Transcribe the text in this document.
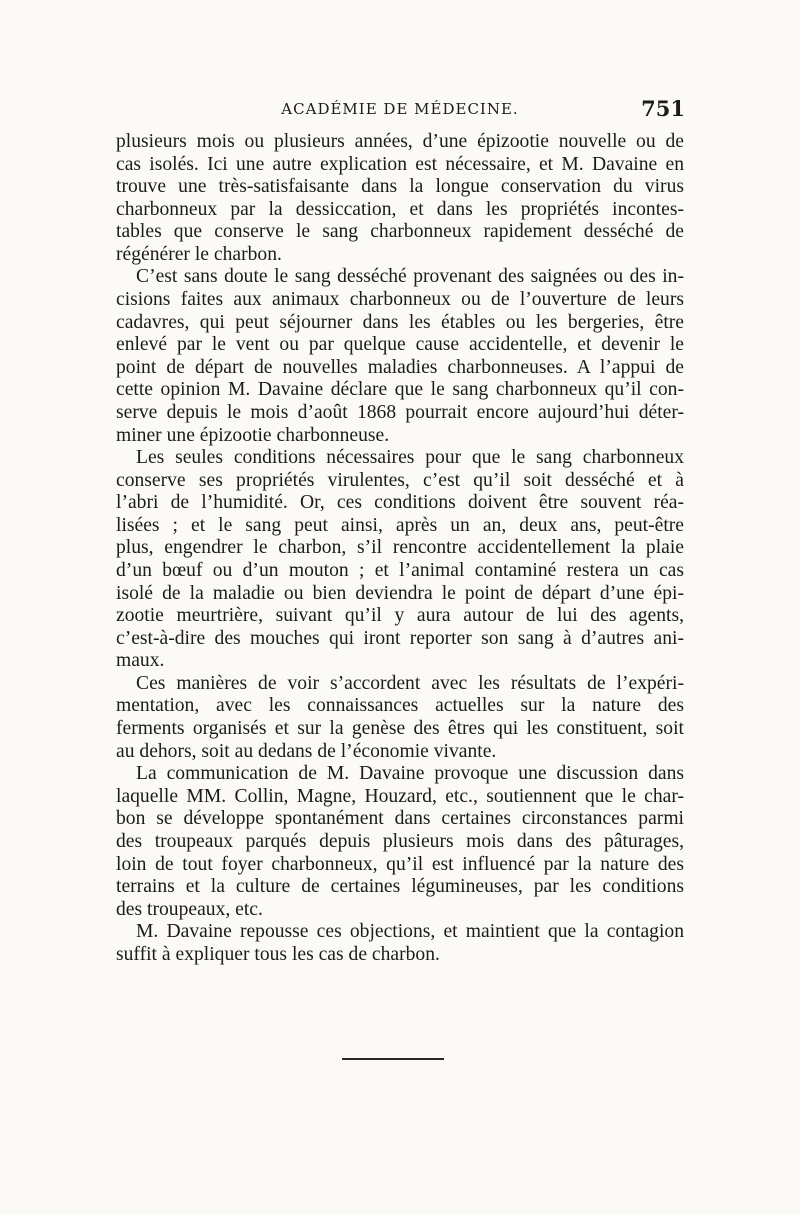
ACADÉMIE DE MÉDECINE.	751
plusieurs mois ou plusieurs années, d’une épizootie nouvelle ou de
cas isolés. Ici une autre explication est nécessaire, et M. Davaine en
trouve une très-satisfaisante dans la longue conservation du virus
charbonneux par la dessiccation, et dans les propriétés incontes-
tables que conserve le sang charbonneux rapidement desséché de
régénérer le charbon.
C’est sans doute le sang desséché provenant des saignées ou des in-
cisions faites aux animaux charbonneux ou de l’ouverture de leurs
cadavres, qui peut séjourner dans les étables ou les bergeries, être
enlevé par le vent ou par quelque cause accidentelle, et devenir le
point de départ de nouvelles maladies charbonneuses. A l’appui de
cette opinion M. Davaine déclare que le sang charbonneux qu’il con-
serve depuis le mois d’août 1868 pourrait encore aujourd’hui déter-
miner une épizootie charbonneuse.
Les seules conditions nécessaires pour que le sang charbonneux
conserve ses propriétés virulentes, c’est qu’il soit desséché et à
l’abri de l’humidité. Or, ces conditions doivent être souvent réa-
lisées ; et le sang peut ainsi, après un an, deux ans, peut-être
plus, engendrer le charbon, s’il rencontre accidentellement la plaie
d’un bœuf ou d’un mouton ; et l’animal contaminé restera un cas
isolé de la maladie ou bien deviendra le point de départ d’une épi-
zootie meurtrière, suivant qu’il y aura autour de lui des agents,
c’est-à-dire des mouches qui iront reporter son sang à d’autres ani-
maux.
Ces manières de voir s’accordent avec les résultats de l’expéri-
mentation, avec les connaissances actuelles sur la nature des
ferments organisés et sur la genèse des êtres qui les constituent, soit
au dehors, soit au dedans de l’économie vivante.
La communication de M. Davaine provoque une discussion dans
laquelle MM. Collin, Magne, Houzard, etc., soutiennent que le char-
bon se développe spontanément dans certaines circonstances parmi
des troupeaux parqués depuis plusieurs mois dans des pâturages,
loin de tout foyer charbonneux, qu’il est influencé par la nature des
terrains et la culture de certaines légumineuses, par les conditions
des troupeaux, etc.
M. Davaine repousse ces objections, et maintient que la contagion
suffit à expliquer tous les cas de charbon.
